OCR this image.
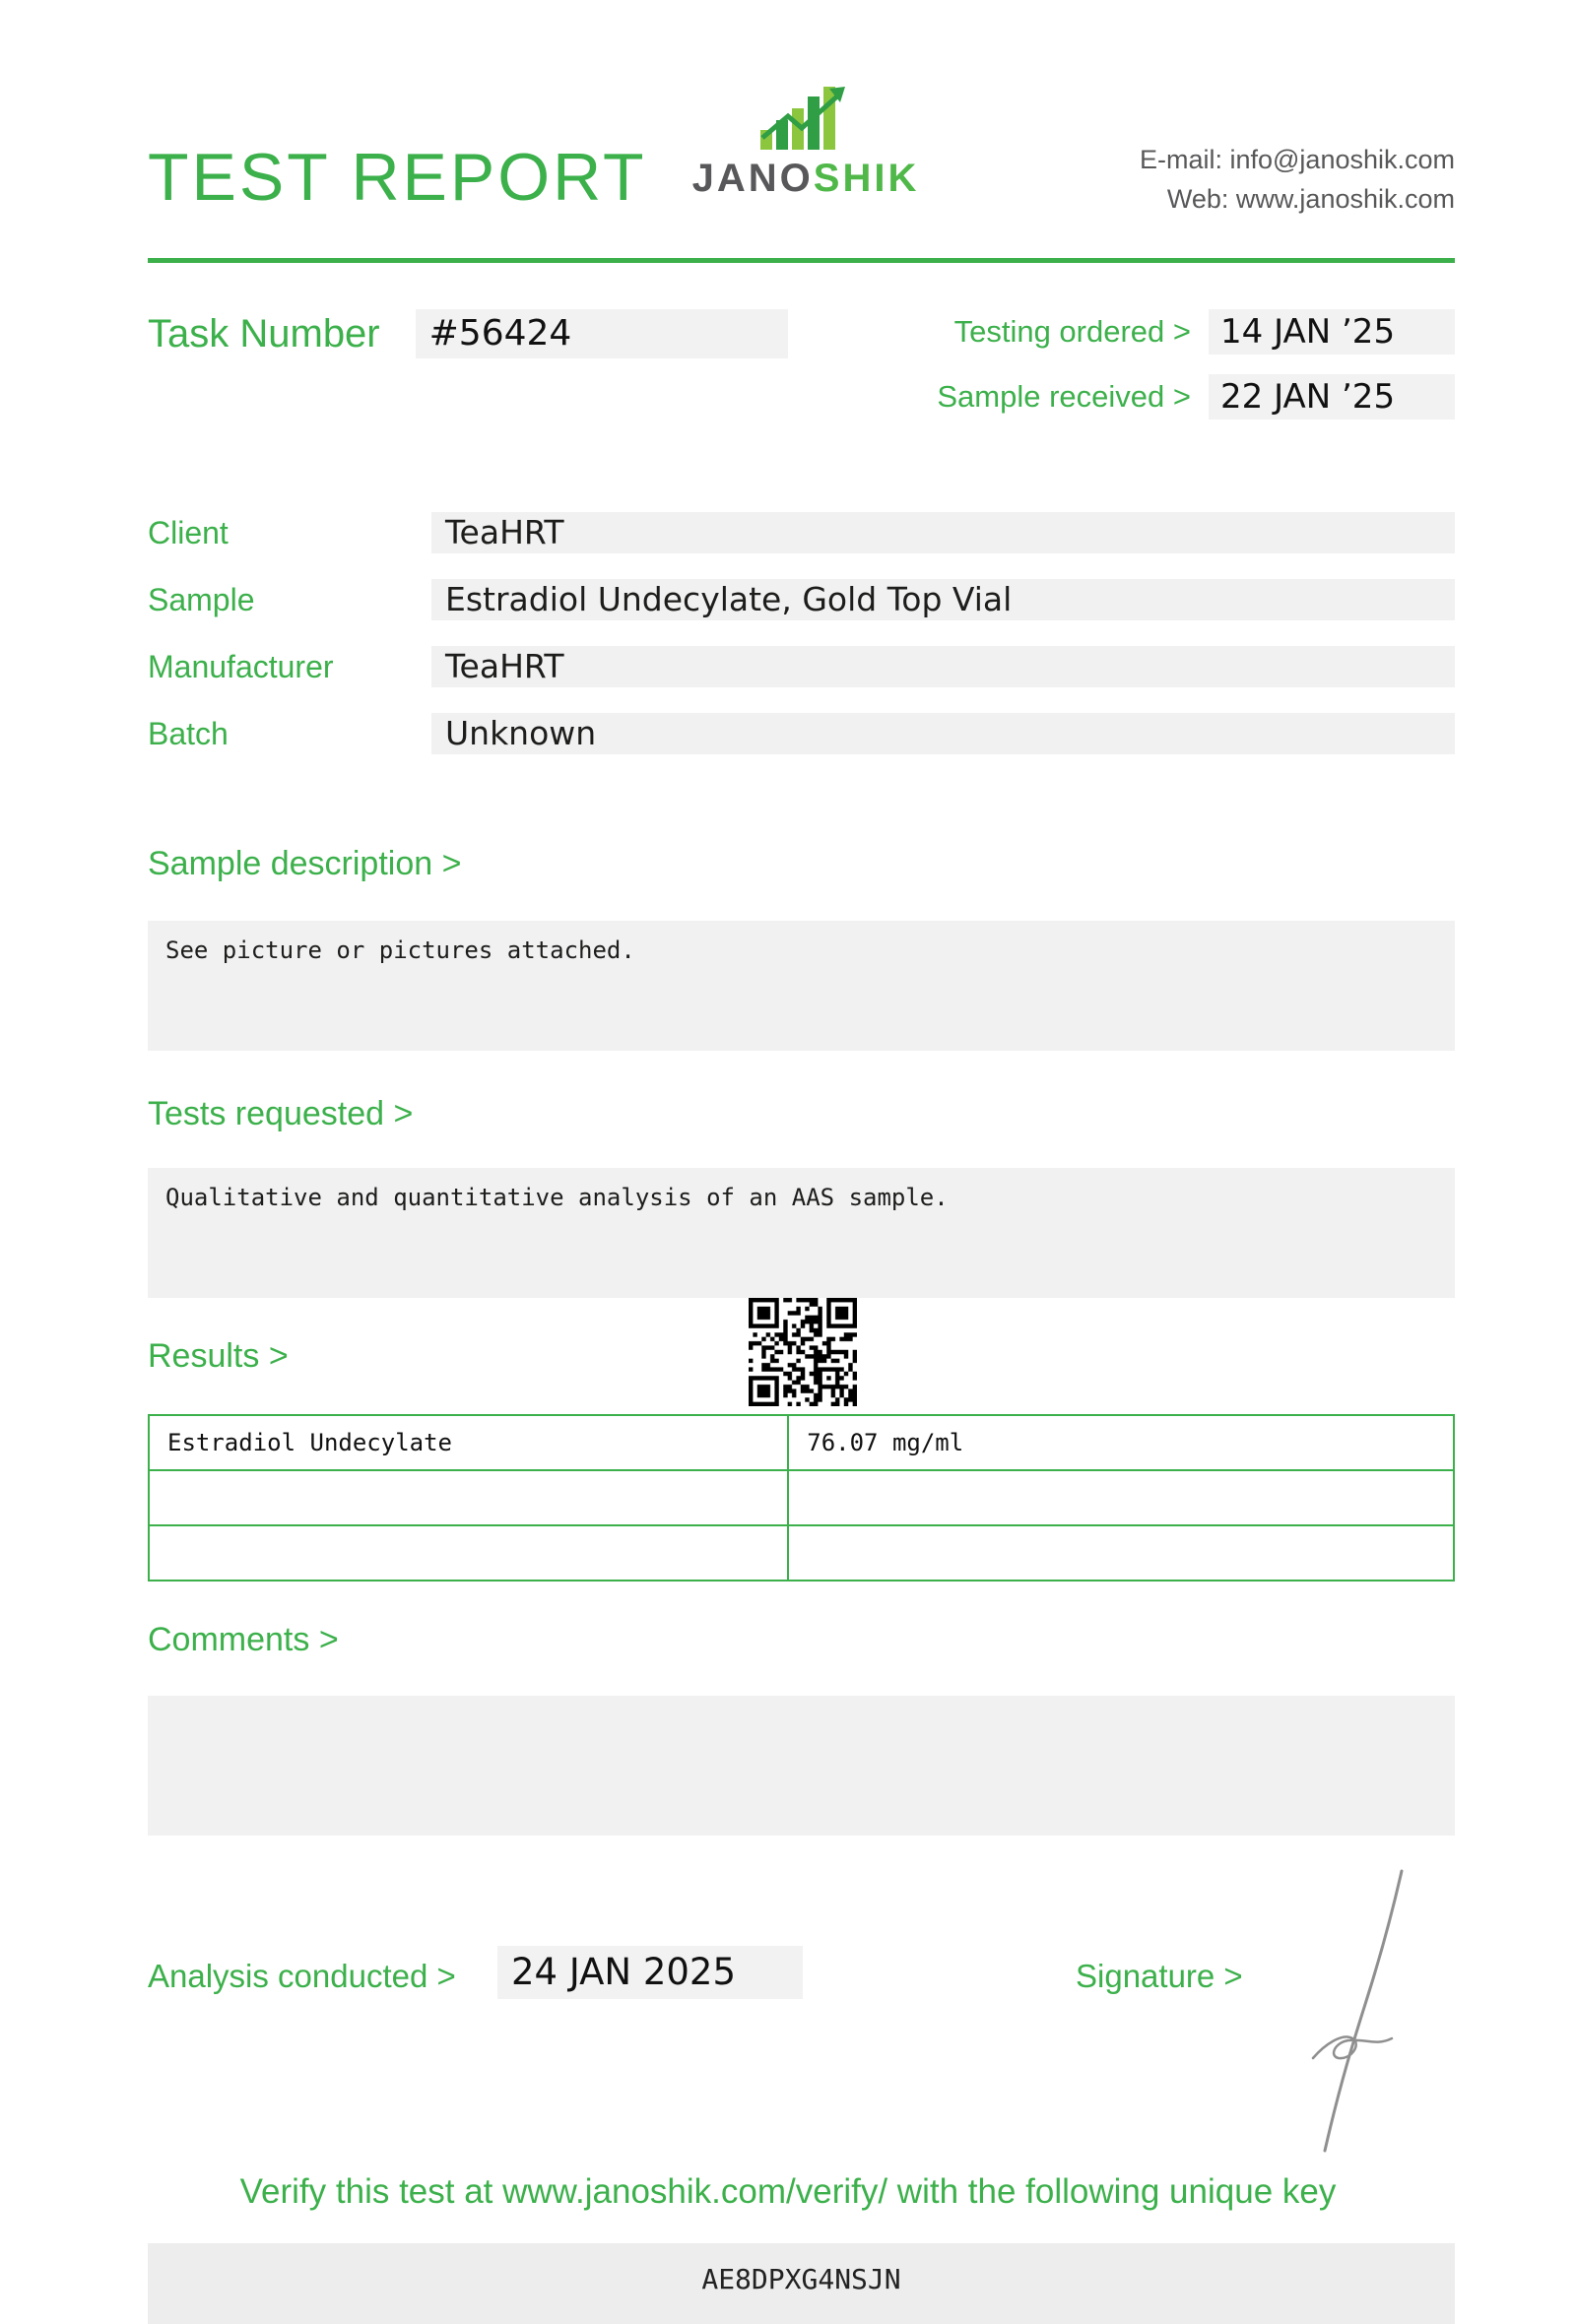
TEST REPORT	JANOSHIK	E-mail: info@janoshik.com
Web: www.janoshik.com
Task Number	#56424	Testing ordered > 14 JAN ’25
Sample received > 22 JAN ’25
Client	TeaHRT
Sample	Estradiol Undecylate, Gold Top Vial
Manufacturer	TeaHRT
Batch	Unknown
Sample description >
See picture or pictures attached.
Tests requested >
Qualitative and quantitative analysis of an AAS sample.
Results >
Estradiol Undecylate	76.07 mg/ml

Comments >
Analysis conducted >	24 JAN 2025	Signature >
Verify this test at www.janoshik.com/verify/ with the following unique key
AE8DPXG4NSJN
